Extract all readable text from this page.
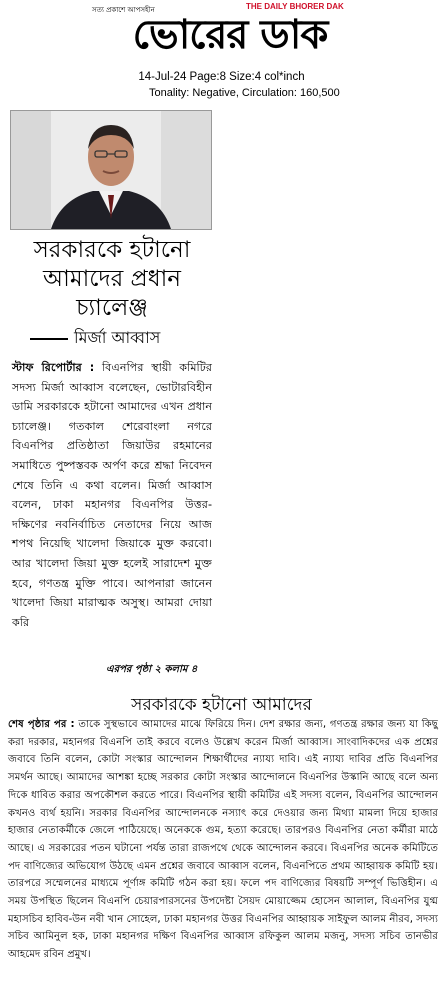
সত্য প্রকাশে আপসহীন	THE DAILY BHORER DAK
ভোরের ডাক
14-Jul-24 Page:8 Size:4 col*inch
Tonality: Negative, Circulation: 160,500
সরকারকে হটানো
আমাদের প্রধান
চ্যালেঞ্জ
মির্জা আব্বাস
স্টাফ রিপোর্টার : বিএনপির স্থায়ী কমিটির সদস্য মির্জা আব্বাস বলেছেন, ভোটারবিহীন ডামি সরকারকে হটানো আমাদের এখন প্রধান চ্যালেঞ্জ। গতকাল শেরেবাংলা নগরে বিএনপির প্রতিষ্ঠাতা জিয়াউর রহমানের সমাধিতে পুষ্পস্তবক অর্পণ করে শ্রদ্ধা নিবেদন শেষে তিনি এ কথা বলেন। মির্জা আব্বাস বলেন, ঢাকা মহানগর বিএনপির উত্তর-দক্ষিণের নবনির্বাচিত নেতাদের নিয়ে আজ শপথ নিয়েছি খালেদা জিয়াকে মুক্ত করবো। আর খালেদা জিয়া মুক্ত হলেই সারাদেশ মুক্ত হবে, গণতন্ত্র মুক্তি পাবে। আপনারা জানেন খালেদা জিয়া মারাত্মক অসুস্থ। আমরা দোয়া করি
এরপর পৃষ্ঠা ২ কলাম ৪
সরকারকে হটানো আমাদের
শেষ পৃষ্ঠার পর : তাকে সুস্থভাবে আমাদের মাঝে ফিরিয়ে দিন। দেশ রক্ষার জন্য, গণতন্ত্র রক্ষার জন্য যা কিছু করা দরকার, মহানগর বিএনপি তাই করবে বলেও উল্লেখ করেন মির্জা আব্বাস। সাংবাদিকদের এক প্রশ্নের জবাবে তিনি বলেন, কোটা সংস্কার আন্দোলন শিক্ষার্থীদের ন্যায্য দাবি। এই ন্যায্য দাবির প্রতি বিএনপির সমর্থন আছে। আমাদের আশঙ্কা হচ্ছে সরকার কোটা সংস্কার আন্দোলনে বিএনপির উস্কানি আছে বলে অন্য দিকে ধাবিত করার অপকৌশল করতে পারে। বিএনপির স্থায়ী কমিটির এই সদস্য বলেন, বিএনপির আন্দোলন কখনও ব্যর্থ হয়নি। সরকার বিএনপির আন্দোলনকে নস্যাৎ করে দেওয়ার জন্য মিথ্যা মামলা দিয়ে হাজার হাজার নেতাকর্মীকে জেলে পাঠিয়েছে। অনেককে গুম, হত্যা করেছে। তারপরও বিএনপির নেতা কর্মীরা মাঠে আছে। এ সরকারের পতন ঘটানো পর্যন্ত তারা রাজপথে থেকে আন্দোলন করবে। বিএনপির অনেক কমিটিতে পদ বাণিজ্যের অভিযোগ উঠছে এমন প্রশ্নের জবাবে আব্বাস বলেন, বিএনপিতে প্রথম আহ্বায়ক কমিটি হয়। তারপরে সম্মেলনের মাধ্যমে পূর্ণাঙ্গ কমিটি গঠন করা হয়। ফলে পদ বাণিজ্যের বিষয়টি সম্পূর্ণ ভিত্তিহীন। এ সময় উপস্থিত ছিলেন বিএনপি চেয়ারপারসনের উপদেষ্টা সৈয়দ মোয়াজ্জেম হোসেন আলাল, বিএনপির যুগ্ম মহাসচিব হাবিব-উন নবী খান সোহেল, ঢাকা মহানগর উত্তর বিএনপির আহ্বায়ক সাইফুল আলম নীরব, সদস্য সচিব আমিনুল হক, ঢাকা মহানগর দক্ষিণ বিএনপির আব্বাস রফিকুল আলম মজনু, সদস্য সচিব তানভীর আহমেদ রবিন প্রমুখ।
